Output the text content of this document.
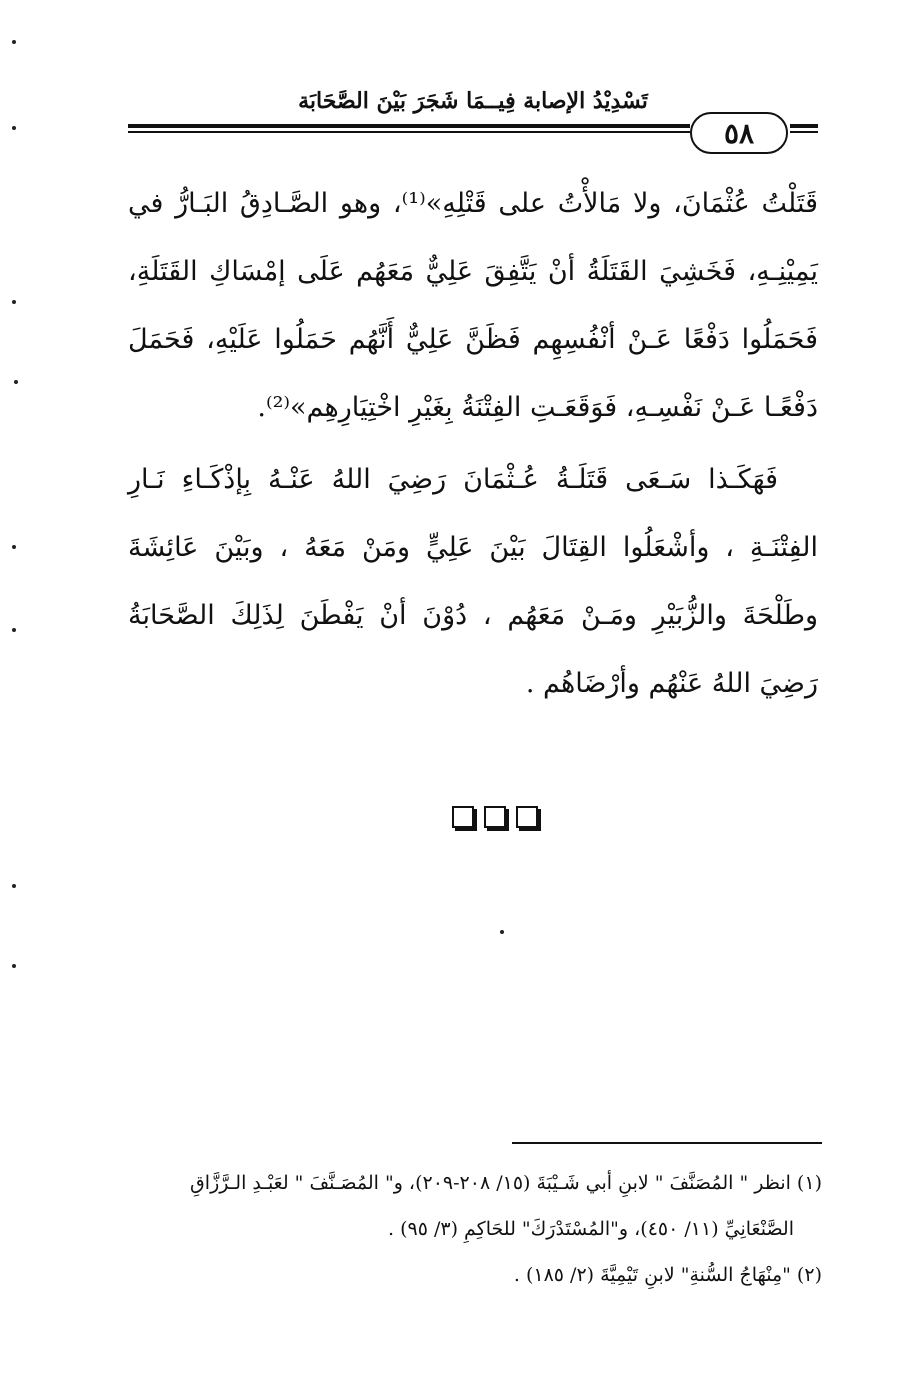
تَسْدِيْدُ الإصابة فِيــمَا شَجَرَ بَيْنَ الصَّحَابَة
٥٨

قَتَلْتُ عُثْمَانَ، ولا مَالأْتُ على قَتْلِهِ»⁽¹⁾، وهو الصَّـادِقُ البَـارُّ في يَمِيْنِـهِ، فَخَشِيَ القَتَلَةُ أنْ يَتَّفِقَ عَلِيٌّ مَعَهُم عَلَى إمْسَاكِ القَتَلَةِ، فَحَمَلُوا دَفْعًا عَـنْ أنْفُسِهِم فَظَنَّ عَلِيٌّ أَنَّهُم حَمَلُوا عَلَيْهِ، فَحَمَلَ دَفْعًـا عَـنْ نَفْسِـهِ، فَوَقَعَـتِ الفِتْنَةُ بِغَيْرِ اخْتِيَارِهِم»⁽²⁾.

فَهَكَـذا سَـعَى قَتَلَـةُ عُـثْمَانَ رَضِيَ اللهُ عَنْـهُ بِإذْكَـاءِ نَـارِ الفِتْنَـةِ ، وأشْعَلُوا القِتَالَ بَيْنَ عَلِيٍّ ومَنْ مَعَهُ ، وبَيْنَ عَائِشَةَ وطَلْحَةَ والزُّبَيْرِ ومَـنْ مَعَهُم ، دُوْنَ أنْ يَفْطَنَ لِذَلِكَ الصَّحَابَةُ رَضِيَ اللهُ عَنْهُم وأرْضَاهُم .

(١) انظر " المُصَنَّفَ " لابنِ أبي شَـيْبَةَ (١٥/ ٢٠٨-٢٠٩)، و" المُصَـنَّفَ " لعَبْـدِ الـرَّزَّاقِ

الصَّنْعَانِيِّ (١١/ ٤٥٠)، و"المُسْتَدْرَكَ" للحَاكِمِ (٣/ ٩٥) .

(٢) "مِنْهَاجُ السُّنةِ" لابنِ تَيْمِيَّةَ (٢/ ١٨٥) .
